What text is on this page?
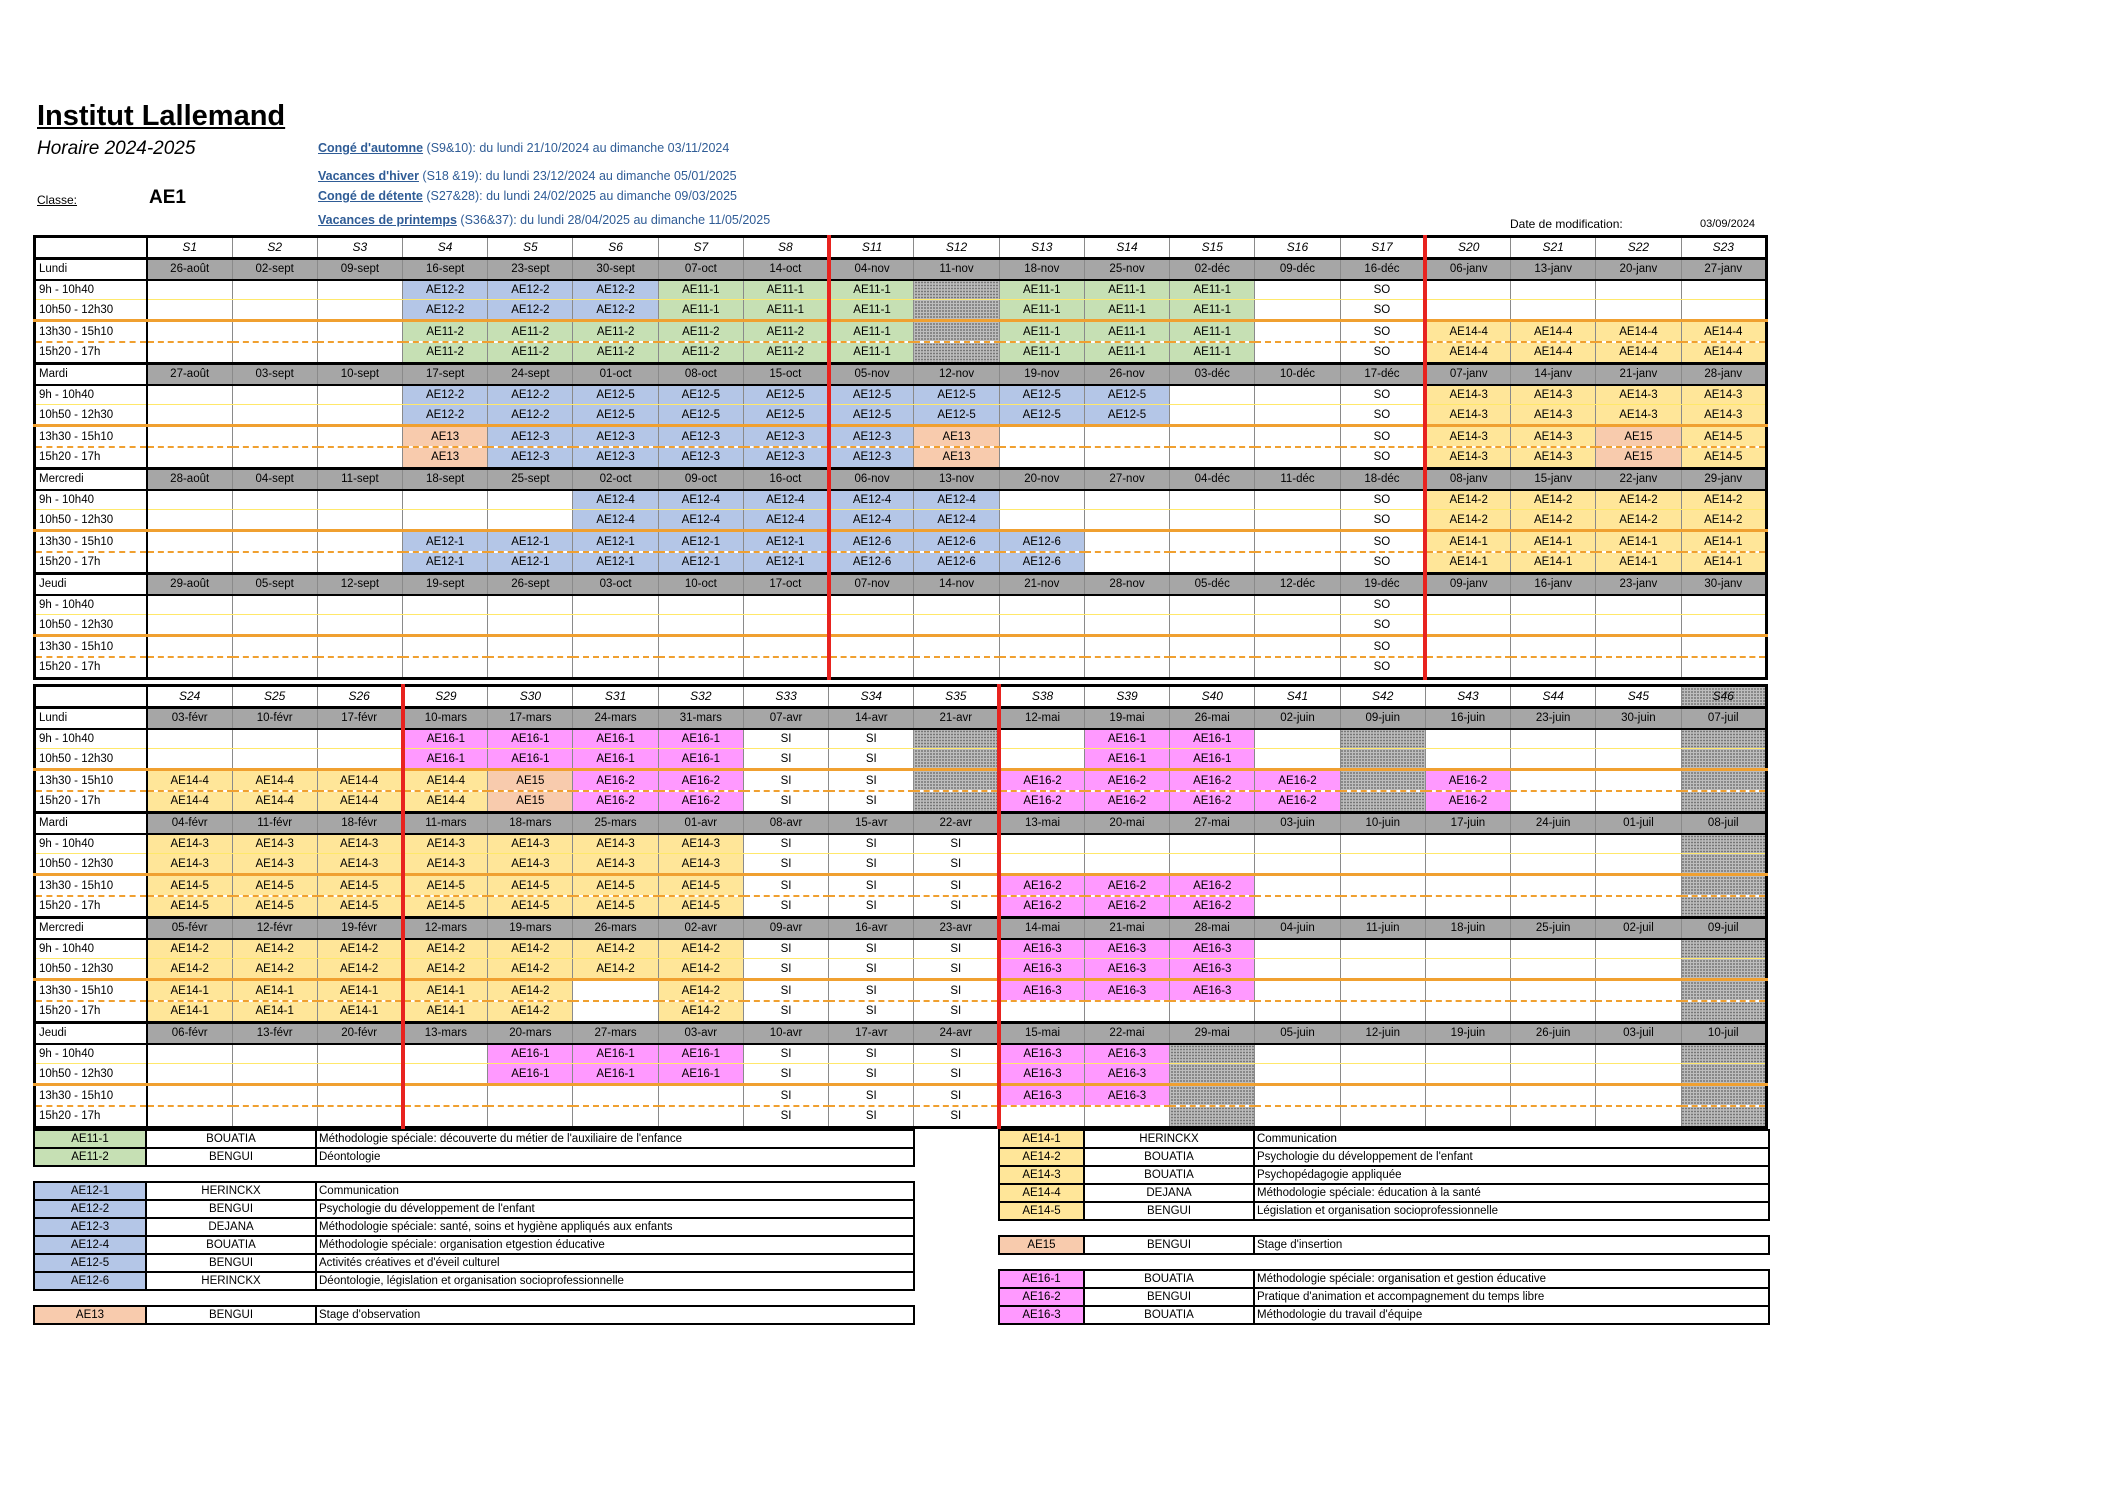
Institut Lallemand
Horaire 2024-2025
Classe:	AE1
Congé d'automne (S9&10): du lundi 21/10/2024 au dimanche 03/11/2024
Vacances d'hiver (S18 &19): du lundi 23/12/2024 au dimanche 05/01/2025
Congé de détente (S27&28): du lundi 24/02/2025 au dimanche 09/03/2025
Vacances de printemps (S36&37): du lundi 28/04/2025 au dimanche 11/05/2025	Date de modification:	03/09/2024
	S1	S2	S3	S4	S5	S6	S7	S8	S11	S12	S13	S14	S15	S16	S17	S20	S21	S22	S23
Lundi	26-août	02-sept	09-sept	16-sept	23-sept	30-sept	07-oct	14-oct	04-nov	11-nov	18-nov	25-nov	02-déc	09-déc	16-déc	06-janv	13-janv	20-janv	27-janv
9h - 10h40				AE12-2	AE12-2	AE12-2	AE11-1	AE11-1	AE11-1		AE11-1	AE11-1	AE11-1		SO				
10h50 - 12h30				AE12-2	AE12-2	AE12-2	AE11-1	AE11-1	AE11-1		AE11-1	AE11-1	AE11-1		SO				
13h30 - 15h10				AE11-2	AE11-2	AE11-2	AE11-2	AE11-2	AE11-1		AE11-1	AE11-1	AE11-1		SO	AE14-4	AE14-4	AE14-4	AE14-4
15h20 - 17h				AE11-2	AE11-2	AE11-2	AE11-2	AE11-2	AE11-1		AE11-1	AE11-1	AE11-1		SO	AE14-4	AE14-4	AE14-4	AE14-4
Mardi	27-août	03-sept	10-sept	17-sept	24-sept	01-oct	08-oct	15-oct	05-nov	12-nov	19-nov	26-nov	03-déc	10-déc	17-déc	07-janv	14-janv	21-janv	28-janv
9h - 10h40				AE12-2	AE12-2	AE12-5	AE12-5	AE12-5	AE12-5	AE12-5	AE12-5	AE12-5			SO	AE14-3	AE14-3	AE14-3	AE14-3
10h50 - 12h30				AE12-2	AE12-2	AE12-5	AE12-5	AE12-5	AE12-5	AE12-5	AE12-5	AE12-5			SO	AE14-3	AE14-3	AE14-3	AE14-3
13h30 - 15h10				AE13	AE12-3	AE12-3	AE12-3	AE12-3	AE12-3	AE13					SO	AE14-3	AE14-3	AE15	AE14-5
15h20 - 17h				AE13	AE12-3	AE12-3	AE12-3	AE12-3	AE12-3	AE13					SO	AE14-3	AE14-3	AE15	AE14-5
Mercredi	28-août	04-sept	11-sept	18-sept	25-sept	02-oct	09-oct	16-oct	06-nov	13-nov	20-nov	27-nov	04-déc	11-déc	18-déc	08-janv	15-janv	22-janv	29-janv
9h - 10h40						AE12-4	AE12-4	AE12-4	AE12-4	AE12-4					SO	AE14-2	AE14-2	AE14-2	AE14-2
10h50 - 12h30						AE12-4	AE12-4	AE12-4	AE12-4	AE12-4					SO	AE14-2	AE14-2	AE14-2	AE14-2
13h30 - 15h10				AE12-1	AE12-1	AE12-1	AE12-1	AE12-1	AE12-6	AE12-6	AE12-6				SO	AE14-1	AE14-1	AE14-1	AE14-1
15h20 - 17h				AE12-1	AE12-1	AE12-1	AE12-1	AE12-1	AE12-6	AE12-6	AE12-6				SO	AE14-1	AE14-1	AE14-1	AE14-1
Jeudi	29-août	05-sept	12-sept	19-sept	26-sept	03-oct	10-oct	17-oct	07-nov	14-nov	21-nov	28-nov	05-déc	12-déc	19-déc	09-janv	16-janv	23-janv	30-janv
9h - 10h40															SO				
10h50 - 12h30															SO				
13h30 - 15h10															SO				
15h20 - 17h															SO				
	S24	S25	S26	S29	S30	S31	S32	S33	S34	S35	S38	S39	S40	S41	S42	S43	S44	S45	S46
Lundi	03-févr	10-févr	17-févr	10-mars	17-mars	24-mars	31-mars	07-avr	14-avr	21-avr	12-mai	19-mai	26-mai	02-juin	09-juin	16-juin	23-juin	30-juin	07-juil
9h - 10h40				AE16-1	AE16-1	AE16-1	AE16-1	SI	SI			AE16-1	AE16-1						
10h50 - 12h30				AE16-1	AE16-1	AE16-1	AE16-1	SI	SI			AE16-1	AE16-1						
13h30 - 15h10	AE14-4	AE14-4	AE14-4	AE14-4	AE15	AE16-2	AE16-2	SI	SI		AE16-2	AE16-2	AE16-2	AE16-2		AE16-2			
15h20 - 17h	AE14-4	AE14-4	AE14-4	AE14-4	AE15	AE16-2	AE16-2	SI	SI		AE16-2	AE16-2	AE16-2	AE16-2		AE16-2			
Mardi	04-févr	11-févr	18-févr	11-mars	18-mars	25-mars	01-avr	08-avr	15-avr	22-avr	13-mai	20-mai	27-mai	03-juin	10-juin	17-juin	24-juin	01-juil	08-juil
9h - 10h40	AE14-3	AE14-3	AE14-3	AE14-3	AE14-3	AE14-3	AE14-3	SI	SI	SI									
10h50 - 12h30	AE14-3	AE14-3	AE14-3	AE14-3	AE14-3	AE14-3	AE14-3	SI	SI	SI									
13h30 - 15h10	AE14-5	AE14-5	AE14-5	AE14-5	AE14-5	AE14-5	AE14-5	SI	SI	SI	AE16-2	AE16-2	AE16-2						
15h20 - 17h	AE14-5	AE14-5	AE14-5	AE14-5	AE14-5	AE14-5	AE14-5	SI	SI	SI	AE16-2	AE16-2	AE16-2						
Mercredi	05-févr	12-févr	19-févr	12-mars	19-mars	26-mars	02-avr	09-avr	16-avr	23-avr	14-mai	21-mai	28-mai	04-juin	11-juin	18-juin	25-juin	02-juil	09-juil
9h - 10h40	AE14-2	AE14-2	AE14-2	AE14-2	AE14-2	AE14-2	AE14-2	SI	SI	SI	AE16-3	AE16-3	AE16-3						
10h50 - 12h30	AE14-2	AE14-2	AE14-2	AE14-2	AE14-2	AE14-2	AE14-2	SI	SI	SI	AE16-3	AE16-3	AE16-3						
13h30 - 15h10	AE14-1	AE14-1	AE14-1	AE14-1	AE14-2		AE14-2	SI	SI	SI	AE16-3	AE16-3	AE16-3						
15h20 - 17h	AE14-1	AE14-1	AE14-1	AE14-1	AE14-2		AE14-2	SI	SI	SI									
Jeudi	06-févr	13-févr	20-févr	13-mars	20-mars	27-mars	03-avr	10-avr	17-avr	24-avr	15-mai	22-mai	29-mai	05-juin	12-juin	19-juin	26-juin	03-juil	10-juil
9h - 10h40					AE16-1	AE16-1	AE16-1	SI	SI	SI	AE16-3	AE16-3							
10h50 - 12h30					AE16-1	AE16-1	AE16-1	SI	SI	SI	AE16-3	AE16-3							
13h30 - 15h10								SI	SI	SI	AE16-3	AE16-3							
15h20 - 17h								SI	SI	SI									
AE11-1	BOUATIA	Méthodologie spéciale: découverte du métier de l'auxiliaire de l'enfance
AE11-2	BENGUI	Déontologie

AE12-1	HERINCKX	Communication
AE12-2	BENGUI	Psychologie du développement de l'enfant
AE12-3	DEJANA	Méthodologie spéciale: santé, soins et hygiène appliqués aux enfants
AE12-4	BOUATIA	Méthodologie spéciale: organisation etgestion éducative
AE12-5	BENGUI	Activités créatives et d'éveil culturel
AE12-6	HERINCKX	Déontologie, législation et organisation socioprofessionnelle

AE13	BENGUI	Stage d'observation
AE14-1	HERINCKX	Communication
AE14-2	BOUATIA	Psychologie du développement de l'enfant
AE14-3	BOUATIA	Psychopédagogie appliquée
AE14-4	DEJANA	Méthodologie spéciale: éducation à la santé
AE14-5	BENGUI	Législation et organisation socioprofessionnelle

AE15	BENGUI	Stage d'insertion

AE16-1	BOUATIA	Méthodologie spéciale: organisation et gestion éducative
AE16-2	BENGUI	Pratique d'animation et accompagnement du temps libre
AE16-3	BOUATIA	Méthodologie du travail d'équipe
